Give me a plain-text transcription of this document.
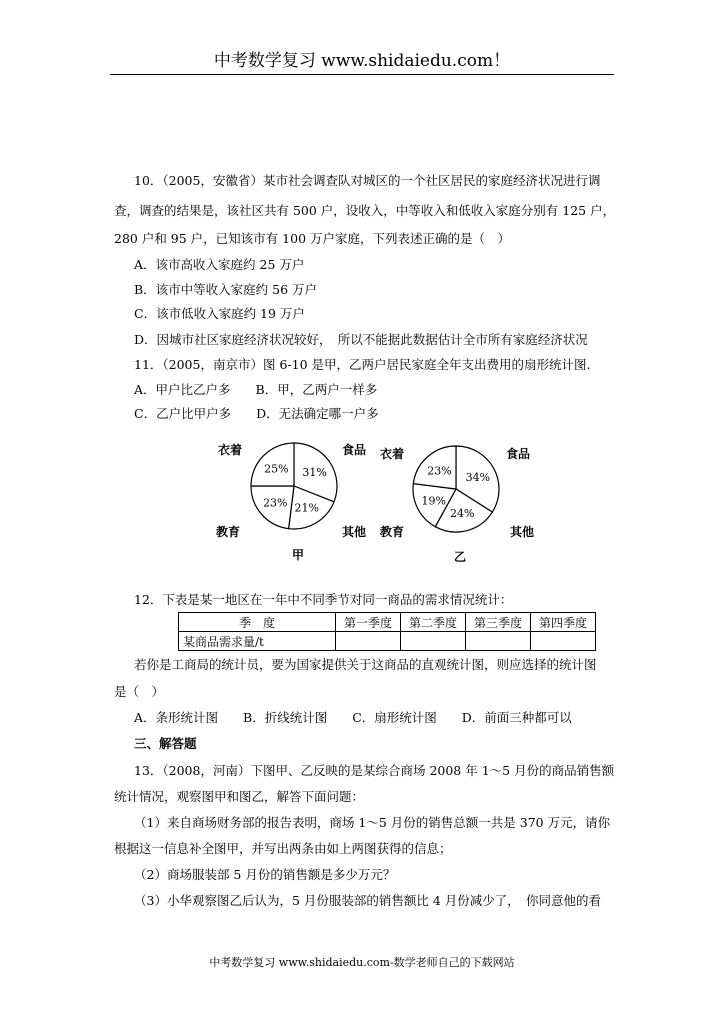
中考数学复习 www.shidaiedu.com！
10．（2005，安徽省）某市社会调查队对城区的一个社区居民的家庭经济状况进行调
查，调查的结果是，该社区共有 500 户，设收入，中等收入和低收入家庭分别有 125 户，
280 户和 95 户，已知该市有 100 万户家庭，下列表述正确的是（　）
A．该市高收入家庭约 25 万户
B．该市中等收入家庭约 56 万户
C．该市低收入家庭约 19 万户
D．因城市社区家庭经济状况较好，　所以不能据此数据估计全市所有家庭经济状况
11．（2005，南京市）图 6-10 是甲，乙两户居民家庭全年支出费用的扇形统计图.
A．甲户比乙户多　　B．甲，乙两户一样多
C．乙户比甲户多　　D．无法确定哪一户多
衣着	食品
其他
教育
31%
21%
23%
25%
甲
衣着	食品
其他
教育
34%
24%
19%
23%
乙
12．下表是某一地区在一年中不同季节对同一商品的需求情况统计：
季　度	第一季度	第二季度	第三季度	第四季度
某商品需求量/t				
若你是工商局的统计员，要为国家提供关于这商品的直观统计图，则应选择的统计图
是（　）
A．条形统计图　　B．折线统计图　　C．扇形统计图　　D．前面三种都可以
三、解答题
13．（2008，河南）下图甲、乙反映的是某综合商场 2008 年 1～5 月份的商品销售额
统计情况，观察图甲和图乙，解答下面问题：
（1）来自商场财务部的报告表明，商场 1～5 月份的销售总额一共是 370 万元，请你
根据这一信息补全图甲，并写出两条由如上两图获得的信息；
（2）商场服装部 5 月份的销售额是多少万元？
（3）小华观察图乙后认为，5 月份服装部的销售额比 4 月份减少了，　你同意他的看
中考数学复习 www.shidaiedu.com-数学老师自己的下载网站
